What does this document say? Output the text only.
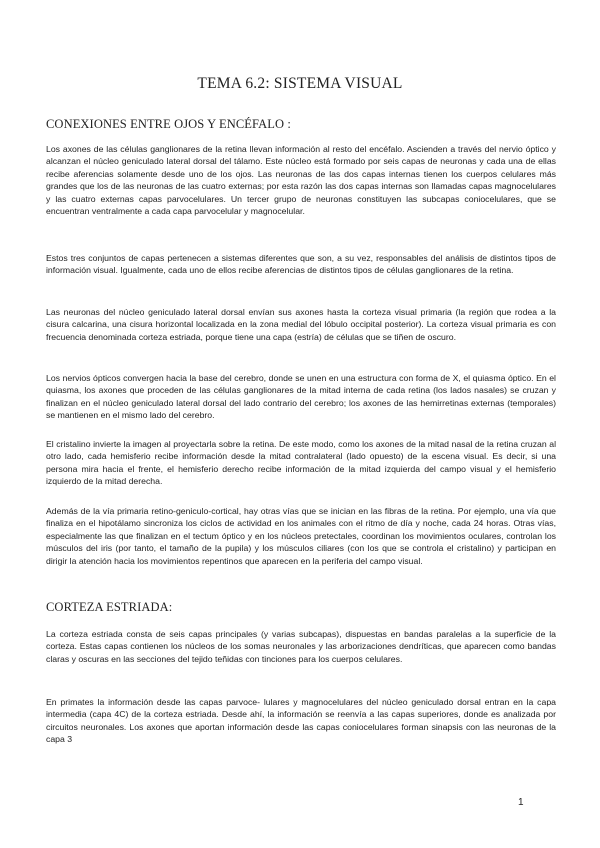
TEMA 6.2: SISTEMA VISUAL
CONEXIONES ENTRE OJOS Y ENCÉFALO :

Los axones de las células ganglionares de la retina llevan información al resto del encéfalo. Ascienden a través del nervio óptico y alcanzan el núcleo geniculado lateral dorsal del tálamo. Este núcleo está formado por seis capas de neuronas y cada una de ellas recibe aferencias solamente desde uno de los ojos. Las neuronas de las dos capas internas tienen los cuerpos celulares más grandes que los de las neuronas de las cuatro externas; por esta razón las dos capas internas son llamadas capas magnocelulares y las cuatro externas capas parvocelulares. Un tercer grupo de neuronas constituyen las subcapas coniocelulares, que se encuentran ventralmente a cada capa parvocelular y magnocelular.

Estos tres conjuntos de capas pertenecen a sistemas diferentes que son, a su vez, responsables del análisis de distintos tipos de información visual. Igualmente, cada uno de ellos recibe aferencias de distintos tipos de células ganglionares de la retina.

Las neuronas del núcleo geniculado lateral dorsal envían sus axones hasta la corteza visual primaria (la región que rodea a la cisura calcarina, una cisura horizontal localizada en la zona medial del lóbulo occipital posterior). La corteza visual primaria es con frecuencia denominada corteza estriada, porque tiene una capa (estría) de células que se tiñen de oscuro.

Los nervios ópticos convergen hacia la base del cerebro, donde se unen en una estructura con forma de X, el quiasma óptico. En el quiasma, los axones que proceden de las células ganglionares de la mitad interna de cada retina (los lados nasales) se cruzan y finalizan en el núcleo geniculado lateral dorsal del lado contrario del cerebro; los axones de las hemirretinas externas (temporales) se mantienen en el mismo lado del cerebro.

El cristalino invierte la imagen al proyectarla sobre la retina. De este modo, como los axones de la mitad nasal de la retina cruzan al otro lado, cada hemisferio recibe información desde la mitad contralateral (lado opuesto) de la escena visual. Es decir, si una persona mira hacia el frente, el hemisferio derecho recibe información de la mitad izquierda del campo visual y el hemisferio izquierdo de la mitad derecha.

Además de la vía primaria retino-geniculo-cortical, hay otras vías que se inician en las fibras de la retina. Por ejemplo, una vía que finaliza en el hipotálamo sincroniza los ciclos de actividad en los animales con el ritmo de día y noche, cada 24 horas. Otras vías, especialmente las que finalizan en el tectum óptico y en los núcleos pretectales, coordinan los movimientos oculares, controlan los músculos del iris (por tanto, el tamaño de la pupila) y los músculos ciliares (con los que se controla el cristalino) y participan en dirigir la atención hacia los movimientos repentinos que aparecen en la periferia del campo visual.

CORTEZA ESTRIADA:

La corteza estriada consta de seis capas principales (y varias subcapas), dispuestas en bandas paralelas a la superficie de la corteza. Estas capas contienen los núcleos de los somas neuronales y las arborizaciones dendríticas, que aparecen como bandas claras y oscuras en las secciones del tejido teñidas con tinciones para los cuerpos celulares.

En primates la información desde las capas parvoce- lulares y magnocelulares del núcleo geniculado dorsal entran en la capa intermedia (capa 4C) de la corteza estriada. Desde ahí, la información se reenvía a las capas superiores, donde es analizada por circuitos neuronales. Los axones que aportan información desde las capas coniocelulares forman sinapsis con las neuronas de la capa 3

1
